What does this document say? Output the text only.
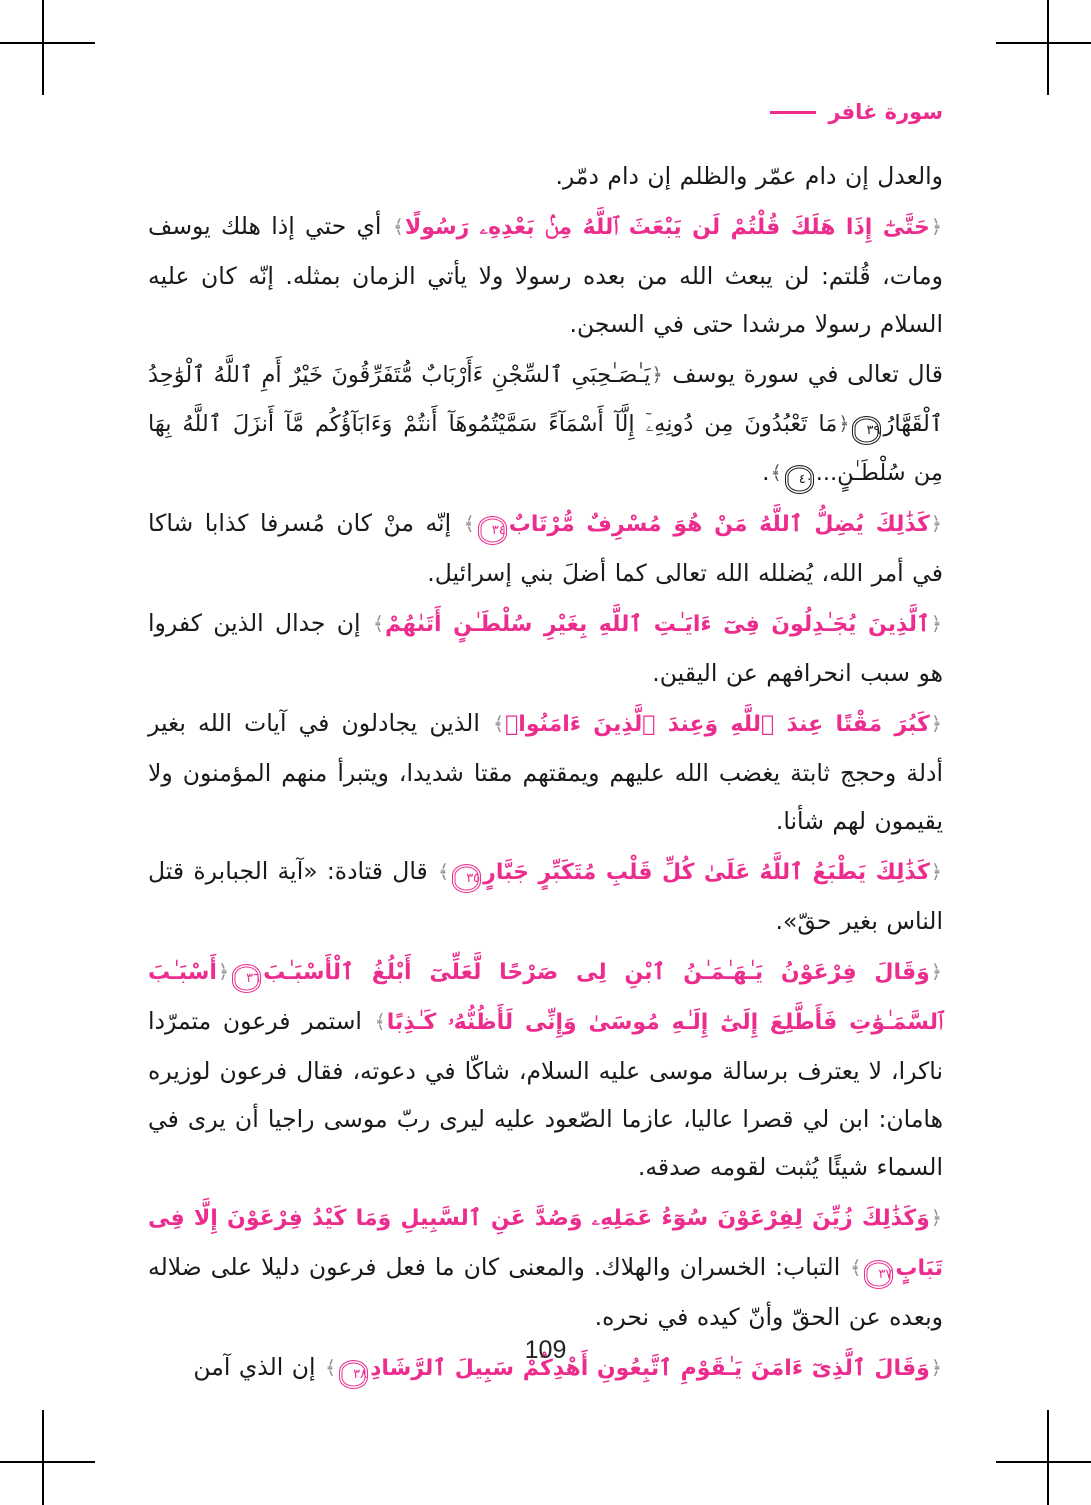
سورة غافر

والعدل إن دام عمّر والظلم إن دام دمّر.

﴿حَتَّىٰٓ إِذَا هَلَكَ قُلْتُمْ لَن يَبْعَثَ ٱللَّهُ مِنۢ بَعْدِهِۦ رَسُولًا﴾ أي حتي إذا هلك يوسف ومات، قُلتم: لن يبعث الله من بعده رسولا ولا يأتي الزمان بمثله. إنّه كان عليه السلام رسولا مرشدا حتى في السجن.

قال تعالى في سورة يوسف ﴿يَـٰصَـٰحِبَىِ ٱلسِّجْنِ ءَأَرْبَابٌ مُّتَفَرِّقُونَ خَيْرٌ أَمِ ٱللَّهُ ٱلْوَٰحِدُ ٱلْقَهَّارُ٣٩﴿مَا تَعْبُدُونَ مِن دُونِهِۦٓ إِلَّآ أَسْمَآءً سَمَّيْتُمُوهَآ أَنتُمْ وَءَابَآؤُكُم مَّآ أَنزَلَ ٱللَّهُ بِهَا مِن سُلْطَـٰنٍ...٤٠﴾.

﴿كَذَٰلِكَ يُضِلُّ ٱللَّهُ مَنْ هُوَ مُسْرِفٌ مُّرْتَابٌ٣٤﴾ إنّه منْ كان مُسرفا كذابا شاكا في أمر الله، يُضلله الله تعالى كما أضلَ بني إسرائيل.

﴿ٱلَّذِينَ يُجَـٰدِلُونَ فِىٓ ءَايَـٰتِ ٱللَّهِ بِغَيْرِ سُلْطَـٰنٍ أَتَىٰهُمْ﴾ إن جدال الذين كفروا هو سبب انحرافهم عن اليقين.

﴿كَبُرَ مَقْتًا عِندَ ٱللَّهِ وَعِندَ ٱلَّذِينَ ءَامَنُوا۟﴾ الذين يجادلون في آيات الله بغير أدلة وحجج ثابتة يغضب الله عليهم ويمقتهم مقتا شديدا، ويتبرأ منهم المؤمنون ولا يقيمون لهم شأنا.

﴿كَذَٰلِكَ يَطْبَعُ ٱللَّهُ عَلَىٰ كُلِّ قَلْبِ مُتَكَبِّرٍ جَبَّارٍ٣٥﴾ قال قتادة: «آية الجبابرة قتل الناس بغير حقّ».

﴿وَقَالَ فِرْعَوْنُ يَـٰهَـٰمَـٰنُ ٱبْنِ لِى صَرْحًا لَّعَلِّىٓ أَبْلُغُ ٱلْأَسْبَـٰبَ٣٦﴿أَسْبَـٰبَ ٱلسَّمَـٰوَٰتِ فَأَطَّلِعَ إِلَىٰٓ إِلَـٰهِ مُوسَىٰ وَإِنِّى لَأَظُنُّهُۥ كَـٰذِبًا﴾ استمر فرعون متمرّدا ناكرا، لا يعترف برسالة موسى عليه السلام، شاكّا في دعوته، فقال فرعون لوزيره هامان: ابن لي قصرا عاليا، عازما الصّعود عليه ليرى ربّ موسى راجيا أن يرى في السماء شيئًا يُثبت لقومه صدقه.

﴿وَكَذَٰلِكَ زُيِّنَ لِفِرْعَوْنَ سُوٓءُ عَمَلِهِۦ وَصُدَّ عَنِ ٱلسَّبِيلِ وَمَا كَيْدُ فِرْعَوْنَ إِلَّا فِى تَبَابٍ٣٧﴾ التباب: الخسران والهلاك. والمعنى كان ما فعل فرعون دليلا على ضلاله وبعده عن الحقّ وأنّ كيده في نحره.

﴿وَقَالَ ٱلَّذِىٓ ءَامَنَ يَـٰقَوْمِ ٱتَّبِعُونِ أَهْدِكُمْ سَبِيلَ ٱلرَّشَادِ٣٨﴾ إن الذي آمن

109
